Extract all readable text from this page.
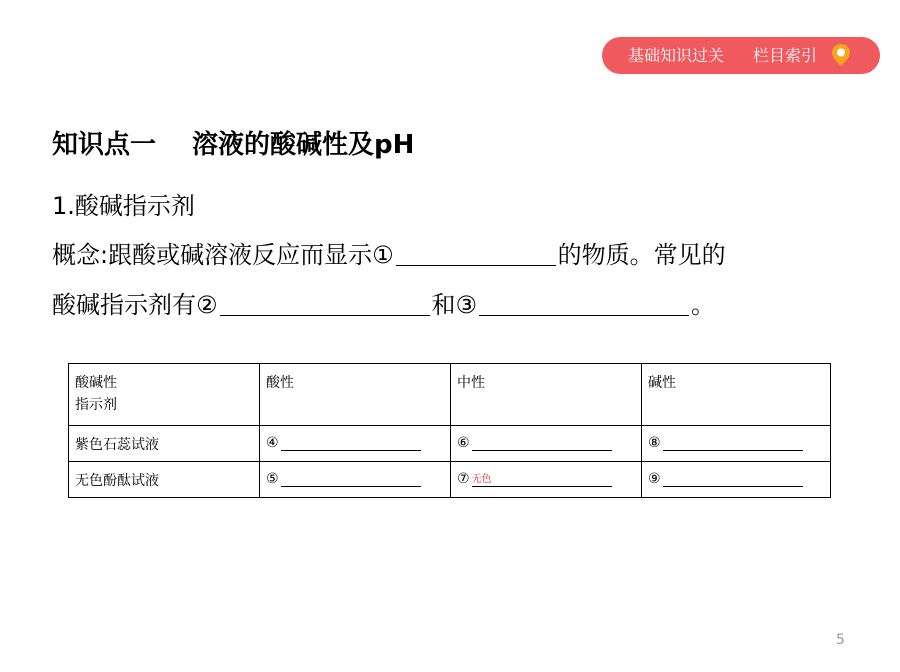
基础知识过关 栏目索引
知识点一 溶液的酸碱性及pH
1.酸碱指示剂
概念:跟酸或碱溶液反应而显示①	的物质。常见的
酸碱指示剂有②	和③	。
酸碱性
指示剂	酸性	中性	碱性
紫色石蕊试液	④	⑥	⑧
无色酚酞试液	⑤	⑦ 无色	⑨
5
